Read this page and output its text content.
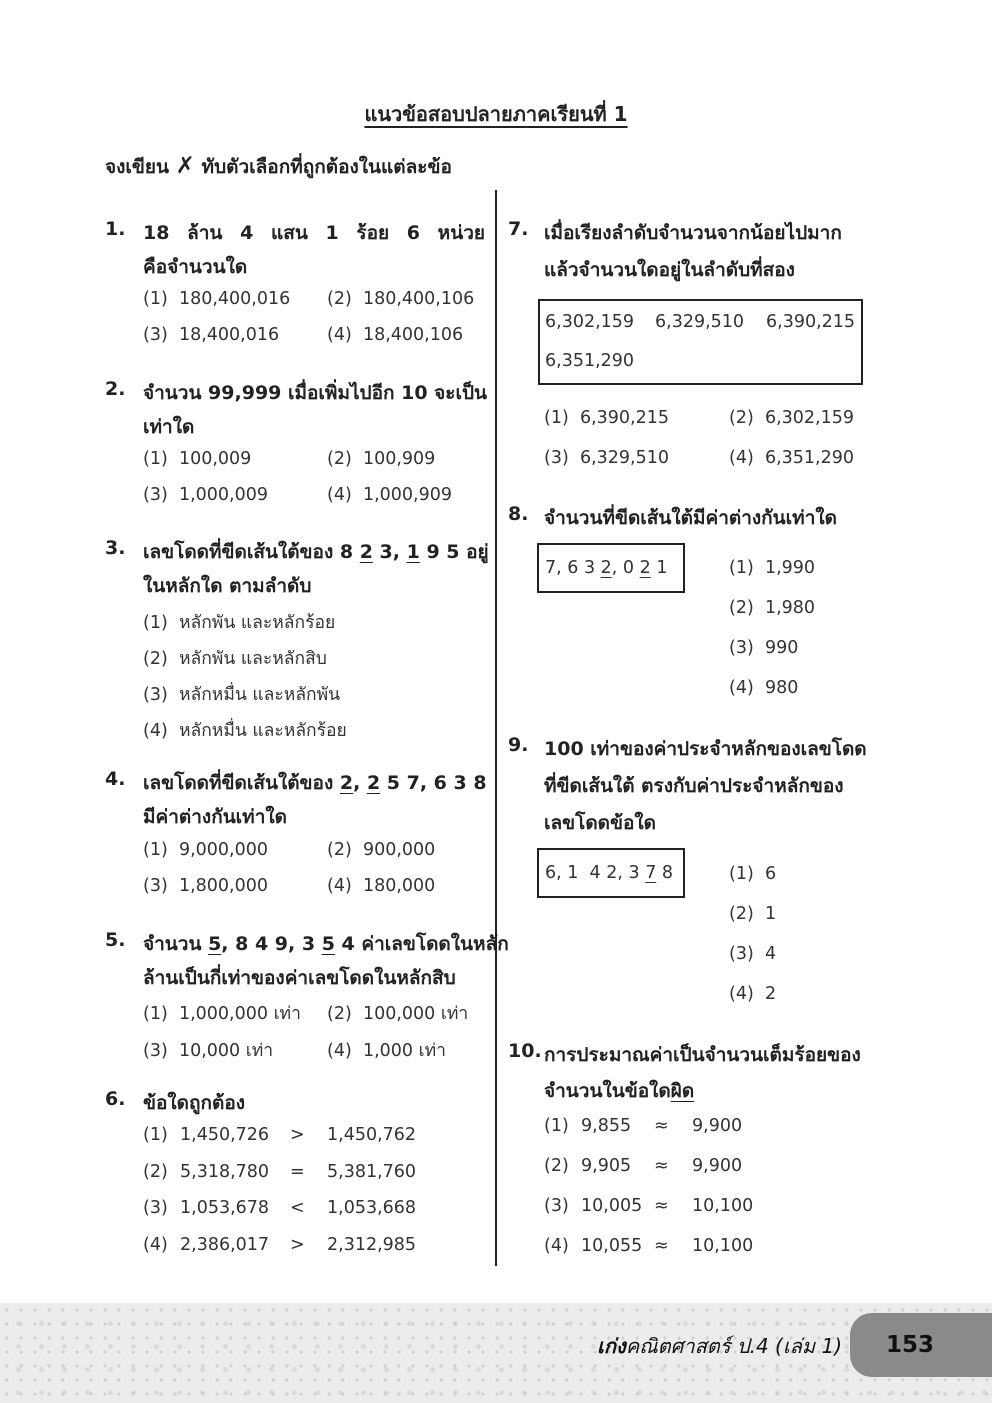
แนวข้อสอบปลายภาคเรียนที่ 1
จงเขียน ✗ ทับตัวเลือกที่ถูกต้องในแต่ละข้อ
1. 18 ล้าน 4 แสน 1 ร้อย 6 หน่วย
คือจำนวนใด
(1) 180,400,016 (2) 180,400,106
(3) 18,400,016	(4) 18,400,106
2. จำนวน 99,999 เมื่อเพิ่มไปอีก 10 จะเป็น
เท่าใด
(1) 100,009	(2) 100,909
(3) 1,000,009	(4) 1,000,909
3. เลขโดดที่ขีดเส้นใต้ของ 8 2 3, 1 9 5 อยู่
ในหลักใด ตามลำดับ
(1) หลักพัน และหลักร้อย
(2) หลักพัน และหลักสิบ
(3) หลักหมื่น และหลักพัน
(4) หลักหมื่น และหลักร้อย
4. เลขโดดที่ขีดเส้นใต้ของ 2, 2 5 7, 6 3 8
มีค่าต่างกันเท่าใด
(1) 9,000,000	(2) 900,000
(3) 1,800,000	(4) 180,000
5. จำนวน 5, 8 4 9, 3 5 4 ค่าเลขโดดในหลัก
ล้านเป็นกี่เท่าของค่าเลขโดดในหลักสิบ
(1) 1,000,000 เท่า (2) 100,000 เท่า
(3) 10,000 เท่า	(4) 1,000 เท่า
6. ข้อใดถูกต้อง
(1) 1,450,726 > 1,450,762
(2) 5,318,780 = 5,381,760
(3) 1,053,678 < 1,053,668
(4) 2,386,017 > 2,312,985
7. เมื่อเรียงลำดับจำนวนจากน้อยไปมาก
แล้วจำนวนใดอยู่ในลำดับที่สอง
6,302,159 6,329,510 6,390,215
6,351,290
(1) 6,390,215	(2) 6,302,159
(3) 6,329,510	(4) 6,351,290
8. จำนวนที่ขีดเส้นใต้มีค่าต่างกันเท่าใด
7, 6 3 2, 0 2 1	(1) 1,990
(2) 1,980
(3) 990
(4) 980
9. 100 เท่าของค่าประจำหลักของเลขโดด
ที่ขีดเส้นใต้ ตรงกับค่าประจำหลักของ
เลขโดดข้อใด
6, 1  4 2, 3 7 8	(1) 6
(2) 1
(3) 4
(4) 2
10. การประมาณค่าเป็นจำนวนเต็มร้อยของ
จำนวนในข้อใดผิด
(1) 9,855 ≈ 9,900
(2) 9,905 ≈ 9,900
(3) 10,005 ≈ 10,100
(4) 10,055 ≈ 10,100
เก่งคณิตศาสตร์ ป.4 (เล่ม 1)	153
